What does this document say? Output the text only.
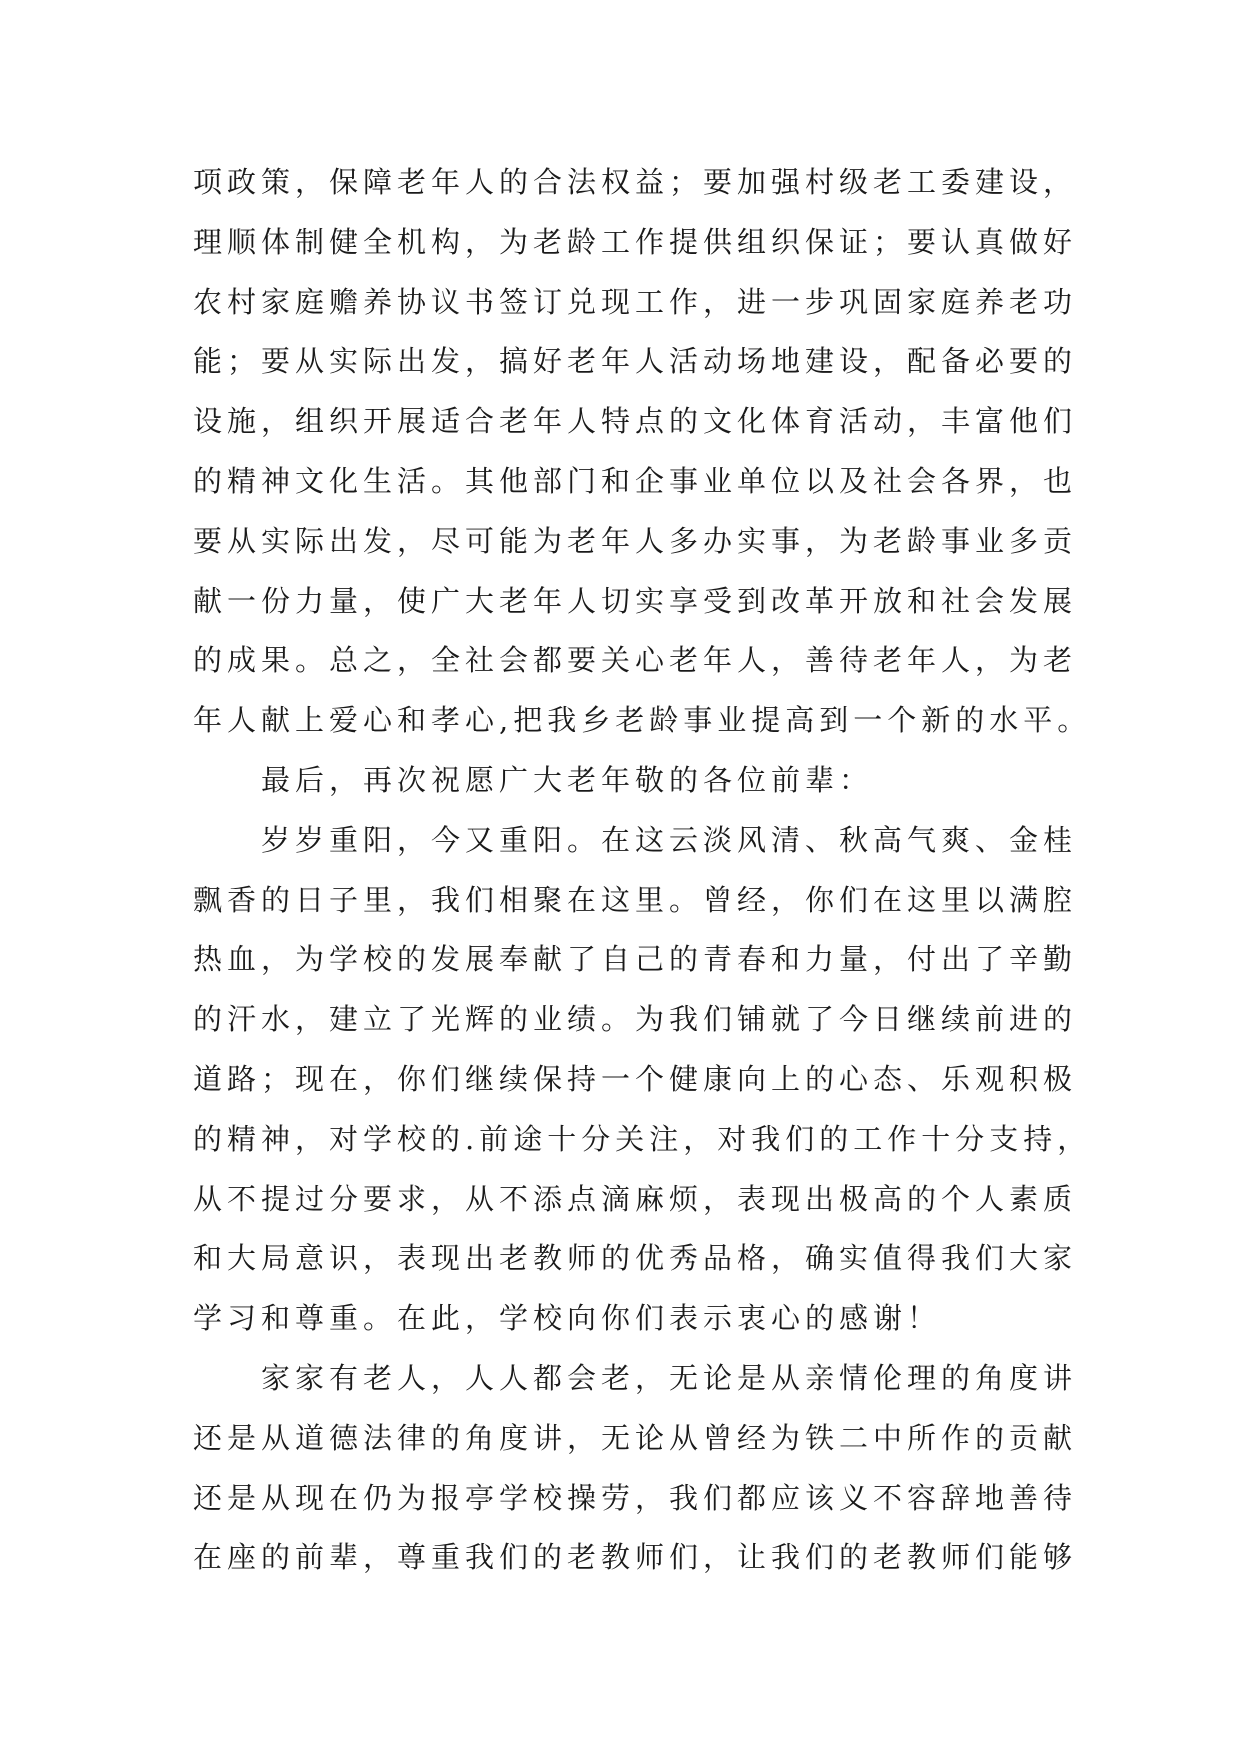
项政策，保障老年人的合法权益；要加强村级老工委建设，
理顺体制健全机构，为老龄工作提供组织保证；要认真做好
农村家庭赡养协议书签订兑现工作，进一步巩固家庭养老功
能；要从实际出发，搞好老年人活动场地建设，配备必要的
设施，组织开展适合老年人特点的文化体育活动，丰富他们
的精神文化生活。其他部门和企事业单位以及社会各界，也
要从实际出发，尽可能为老年人多办实事，为老龄事业多贡
献一份力量，使广大老年人切实享受到改革开放和社会发展
的成果。总之，全社会都要关心老年人，善待老年人，为老
年人献上爱心和孝心,把我乡老龄事业提高到一个新的水平。
最后，再次祝愿广大老年敬的各位前辈：
岁岁重阳，今又重阳。在这云淡风清、秋高气爽、金桂
飘香的日子里，我们相聚在这里。曾经，你们在这里以满腔
热血，为学校的发展奉献了自己的青春和力量，付出了辛勤
的汗水，建立了光辉的业绩。为我们铺就了今日继续前进的
道路；现在，你们继续保持一个健康向上的心态、乐观积极
的精神，对学校的.前途十分关注，对我们的工作十分支持，
从不提过分要求，从不添点滴麻烦，表现出极高的个人素质
和大局意识，表现出老教师的优秀品格，确实值得我们大家
学习和尊重。在此，学校向你们表示衷心的感谢！
家家有老人，人人都会老，无论是从亲情伦理的角度讲
还是从道德法律的角度讲，无论从曾经为铁二中所作的贡献
还是从现在仍为报亭学校操劳，我们都应该义不容辞地善待
在座的前辈，尊重我们的老教师们，让我们的老教师们能够
